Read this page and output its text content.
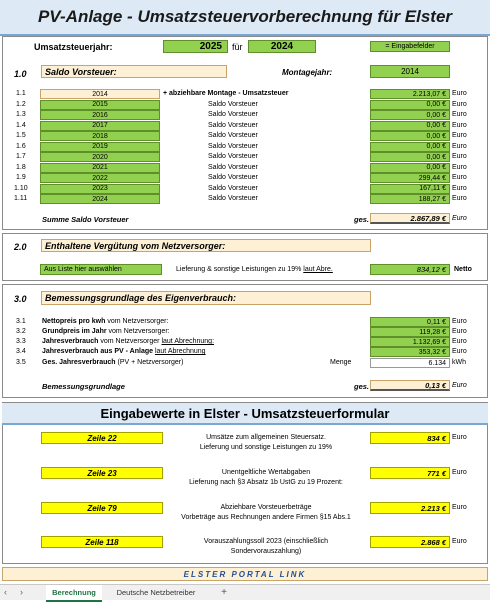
PV-Anlage - Umsatzsteuervorberechnung für Elster
Umsatzsteuerjahr:	2025	für	2024	= Eingabefelder
1.0	Saldo Vorsteuer:	Montagejahr:	2014
1.1	2014	+ abziehbare Montage - Umsatzsteuer	2.213,07 € Euro
1.2	2015	Saldo Vorsteuer	0,00 € Euro
1.3	2016	Saldo Vorsteuer	0,00 € Euro
1.4	2017	Saldo Vorsteuer	0,00 € Euro
1.5	2018	Saldo Vorsteuer	0,00 € Euro
1.6	2019	Saldo Vorsteuer	0,00 € Euro
1.7	2020	Saldo Vorsteuer	0,00 € Euro
1.8	2021	Saldo Vorsteuer	0,00 € Euro
1.9	2022	Saldo Vorsteuer	299,44 € Euro
1.10	2023	Saldo Vorsteuer	167,11 € Euro
1.11	2024	Saldo Vorsteuer	188,27 € Euro
Summe Saldo Vorsteuer	ges.	2.867,89 € Euro
2.0	Enthaltene Vergütung vom Netzversorger:
Aus Liste hier auswählen	Lieferung & sonstige Leistungen zu 19% laut Abre.	834,12 €	Netto
3.0	Bemessungsgrundlage des Eigenverbrauch:
3.1 Nettopreis pro kwh vom Netzversorger:	0,11 € Euro
3.2 Grundpreis im Jahr vom Netzversorger:	119,28 € Euro
3.3 Jahresverbrauch vom Netzversorger laut Abrechnung:	1.132,69 € Euro
3.4 Jahresverbrauch aus PV - Anlage laut Abrechnung	353,32 € Euro
3.5 Ges. Jahresverbrauch (PV + Netzversorger)	Menge	6.134 kWh
Bemessungsgrundlage	ges.	0,13 € Euro
Eingabewerte in Elster - Umsatzsteuerformular
Zeile 22	Umsätze zum allgemeinen Steuersatz.
Lieferung und sonstige Leistungen zu 19%
834 € Euro
Zeile 23	Unentgeltliche Wertabgaben
Lieferung nach §3 Absatz 1b UstG zu 19 Prozent:
771 € Euro
Zeile 79	Abziehbare Vorsteuerbeträge
Vorbeträge aus Rechnungen andere Firmen §15 Abs.1
2.213 € Euro
Zeile 118	Vorauszahlungssoll 2023 (einschließlich
Sondervorauszahlung)
2.868 € Euro
ELSTER PORTAL LINK
‹ ›	Berechnung	Deutsche Netzbetreiber	+
